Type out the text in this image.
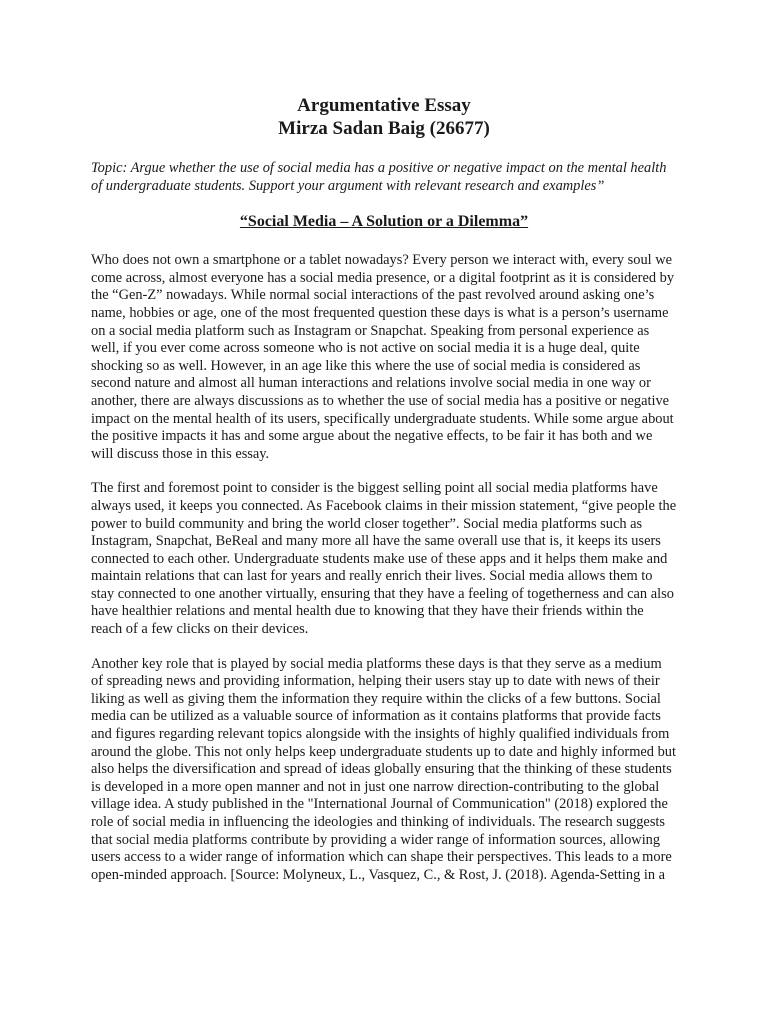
Argumentative Essay
Mirza Sadan Baig (26677)

Topic: Argue whether the use of social media has a positive or negative impact on the mental health of undergraduate students. Support your argument with relevant research and examples”

“Social Media – A Solution or a Dilemma”

Who does not own a smartphone or a tablet nowadays? Every person we interact with, every soul we come across, almost everyone has a social media presence, or a digital footprint as it is considered by the “Gen-Z” nowadays. While normal social interactions of the past revolved around asking one’s name, hobbies or age, one of the most frequented question these days is what is a person’s username on a social media platform such as Instagram or Snapchat. Speaking from personal experience as well, if you ever come across someone who is not active on social media it is a huge deal, quite shocking so as well. However, in an age like this where the use of social media is considered as second nature and almost all human interactions and relations involve social media in one way or another, there are always discussions as to whether the use of social media has a positive or negative impact on the mental health of its users, specifically undergraduate students. While some argue about the positive impacts it has and some argue about the negative effects, to be fair it has both and we will discuss those in this essay.

The first and foremost point to consider is the biggest selling point all social media platforms have always used, it keeps you connected. As Facebook claims in their mission statement, “give people the power to build community and bring the world closer together”. Social media platforms such as Instagram, Snapchat, BeReal and many more all have the same overall use that is, it keeps its users connected to each other. Undergraduate students make use of these apps and it helps them make and maintain relations that can last for years and really enrich their lives. Social media allows them to stay connected to one another virtually, ensuring that they have a feeling of togetherness and can also have healthier relations and mental health due to knowing that they have their friends within the reach of a few clicks on their devices.

Another key role that is played by social media platforms these days is that they serve as a medium of spreading news and providing information, helping their users stay up to date with news of their liking as well as giving them the information they require within the clicks of a few buttons. Social media can be utilized as a valuable source of information as it contains platforms that provide facts and figures regarding relevant topics alongside with the insights of highly qualified individuals from around the globe. This not only helps keep undergraduate students up to date and highly informed but also helps the diversification and spread of ideas globally ensuring that the thinking of these students is developed in a more open manner and not in just one narrow direction-contributing to the global village idea. A study published in the "International Journal of Communication" (2018) explored the role of social media in influencing the ideologies and thinking of individuals. The research suggests that social media platforms contribute by providing a wider range of information sources, allowing users access to a wider range of information which can shape their perspectives. This leads to a more open-minded approach. [Source: Molyneux, L., Vasquez, C., & Rost, J. (2018). Agenda-Setting in a
